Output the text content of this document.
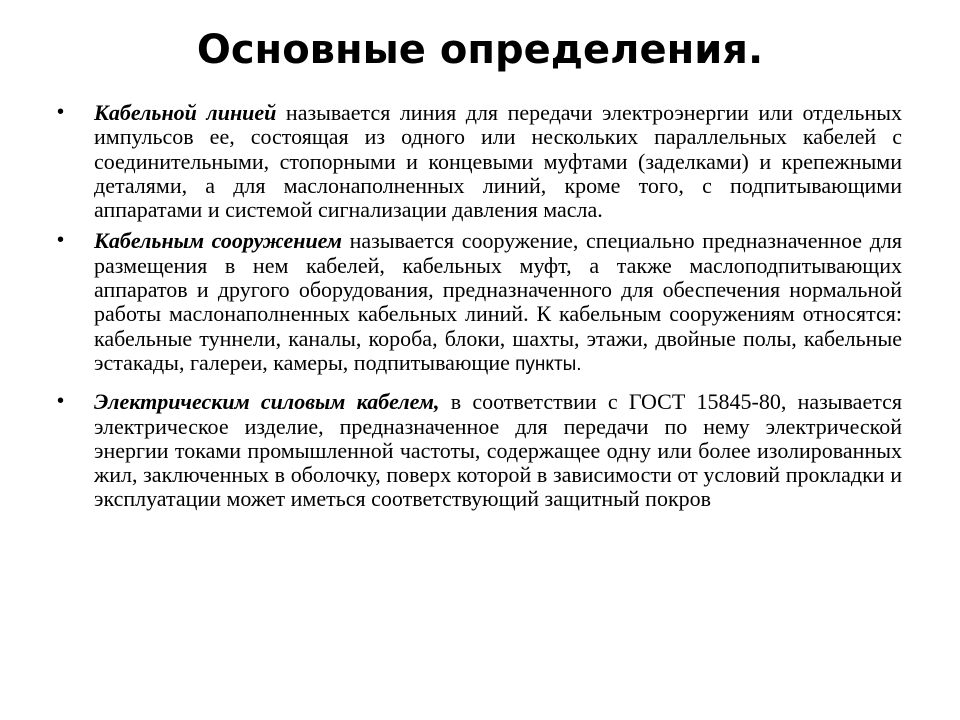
Основные определения.
• Кабельной линией называется линия для передачи электроэнергии или отдельных импульсов ее, состоящая из одного или нескольких параллельных кабелей с соединительными, стопорными и концевыми муфтами (заделками) и крепежными деталями, а для маслонаполненных линий, кроме того, с подпитывающими аппаратами и системой сигнализации давления масла.
• Кабельным сооружением называется сооружение, специально предназначенное для размещения в нем кабелей, кабельных муфт, а также маслоподпитывающих аппаратов и другого оборудования, предназначенного для обеспечения нормальной работы маслонаполненных кабельных линий. К кабельным сооружениям относятся: кабельные туннели, каналы, короба, блоки, шахты, этажи, двойные полы, кабельные эстакады, галереи, камеры, подпитывающие пункты.
• Электрическим силовым кабелем, в соответствии с ГОСТ 15845-80, называется электрическое изделие, предназначенное для передачи по нему электрической энергии токами промышленной частоты, содержащее одну или более изолированных жил, заключенных в оболочку, поверх которой в зависимости от условий прокладки и эксплуатации может иметься соответствующий защитный покров
